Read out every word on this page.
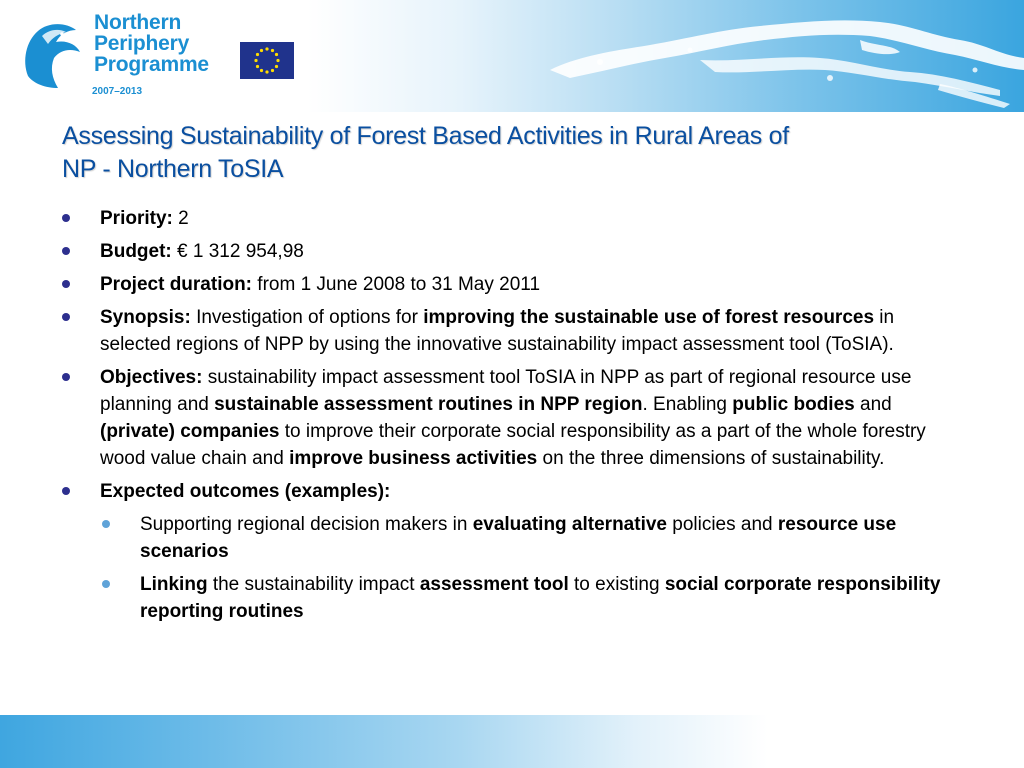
Northern
Periphery
Programme
2007–2013
Assessing Sustainability of Forest Based Activities in Rural Areas of
NP - Northern ToSIA
Priority: 2
Budget: € 1 312 954,98
Project duration: from 1 June 2008 to 31 May 2011
Synopsis: Investigation of options for improving the sustainable use of forest resources in selected regions of NPP by using the innovative sustainability impact assessment tool (ToSIA).
Objectives: sustainability impact assessment tool ToSIA in NPP as part of regional resource use planning and sustainable assessment routines in NPP region. Enabling public bodies and (private) companies to improve their corporate social responsibility as a part of the whole forestry wood value chain and improve business activities on the three dimensions of sustainability.
Expected outcomes (examples):
Supporting regional decision makers in evaluating alternative policies and resource use scenarios
Linking the sustainability impact assessment tool to existing social corporate responsibility reporting routines
